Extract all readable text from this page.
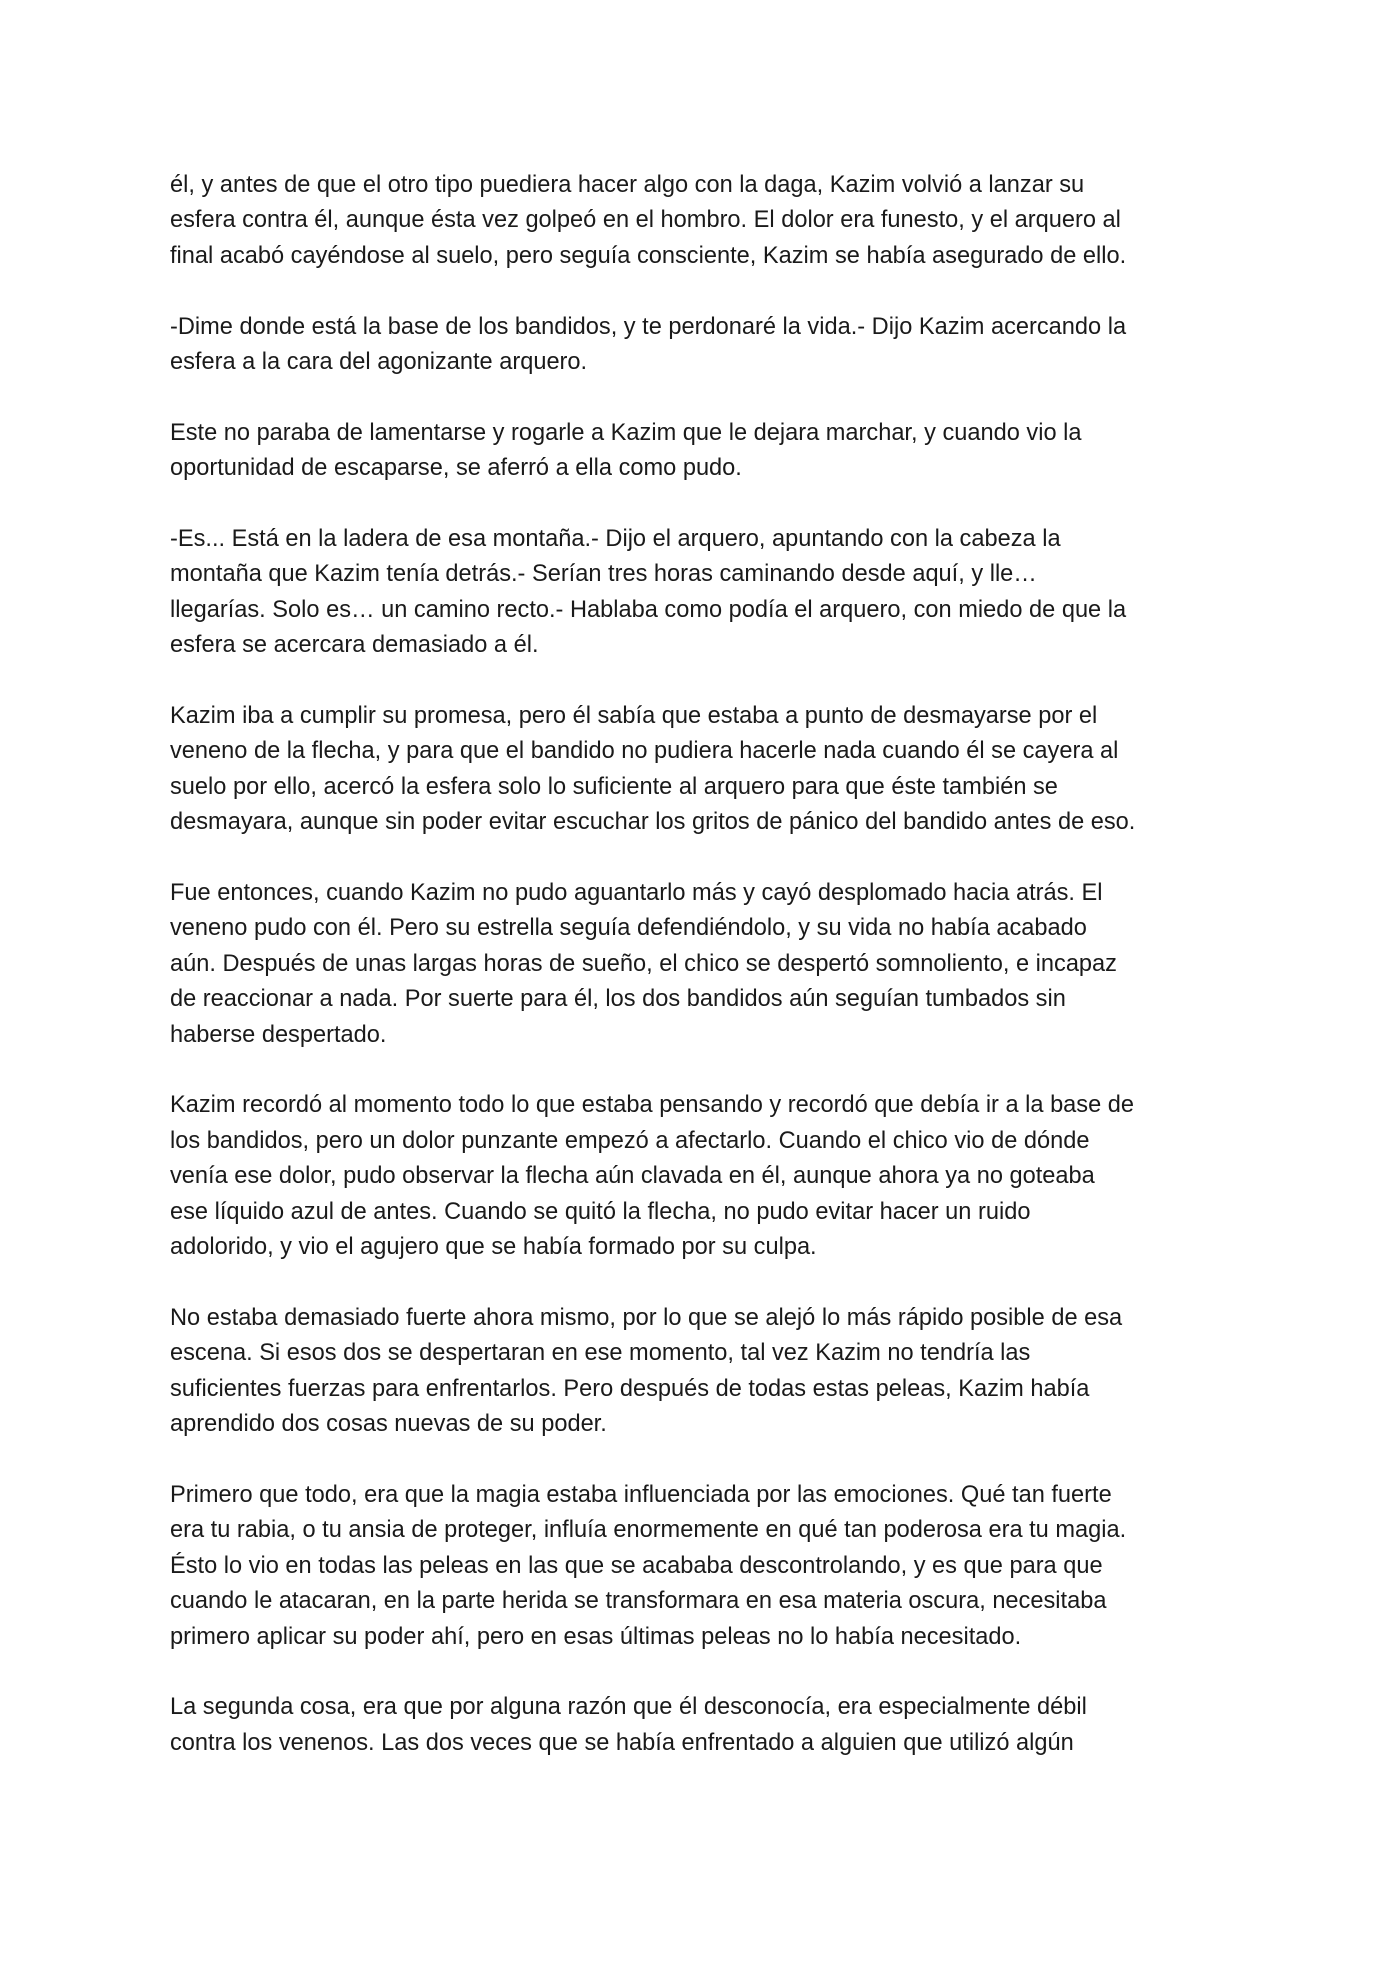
él, y antes de que el otro tipo puediera hacer algo con la daga, Kazim volvió a lanzar su
esfera contra él, aunque ésta vez golpeó en el hombro. El dolor era funesto, y el arquero al
final acabó cayéndose al suelo, pero seguía consciente, Kazim se había asegurado de ello.

-Dime donde está la base de los bandidos, y te perdonaré la vida.- Dijo Kazim acercando la
esfera a la cara del agonizante arquero.

Este no paraba de lamentarse y rogarle a Kazim que le dejara marchar, y cuando vio la
oportunidad de escaparse, se aferró a ella como pudo.

-Es... Está en la ladera de esa montaña.- Dijo el arquero, apuntando con la cabeza la
montaña que Kazim tenía detrás.- Serían tres horas caminando desde aquí, y lle…
llegarías. Solo es… un camino recto.- Hablaba como podía el arquero, con miedo de que la
esfera se acercara demasiado a él.

Kazim iba a cumplir su promesa, pero él sabía que estaba a punto de desmayarse por el
veneno de la flecha, y para que el bandido no pudiera hacerle nada cuando él se cayera al
suelo por ello, acercó la esfera solo lo suficiente al arquero para que éste también se
desmayara, aunque sin poder evitar escuchar los gritos de pánico del bandido antes de eso.

Fue entonces, cuando Kazim no pudo aguantarlo más y cayó desplomado hacia atrás. El
veneno pudo con él. Pero su estrella seguía defendiéndolo, y su vida no había acabado
aún. Después de unas largas horas de sueño, el chico se despertó somnoliento, e incapaz
de reaccionar a nada. Por suerte para él, los dos bandidos aún seguían tumbados sin
haberse despertado.

Kazim recordó al momento todo lo que estaba pensando y recordó que debía ir a la base de
los bandidos, pero un dolor punzante empezó a afectarlo. Cuando el chico vio de dónde
venía ese dolor, pudo observar la flecha aún clavada en él, aunque ahora ya no goteaba
ese líquido azul de antes. Cuando se quitó la flecha, no pudo evitar hacer un ruido
adolorido, y vio el agujero que se había formado por su culpa.

No estaba demasiado fuerte ahora mismo, por lo que se alejó lo más rápido posible de esa
escena. Si esos dos se despertaran en ese momento, tal vez Kazim no tendría las
suficientes fuerzas para enfrentarlos. Pero después de todas estas peleas, Kazim había
aprendido dos cosas nuevas de su poder.

Primero que todo, era que la magia estaba influenciada por las emociones. Qué tan fuerte
era tu rabia, o tu ansia de proteger, influía enormemente en qué tan poderosa era tu magia.
Ésto lo vio en todas las peleas en las que se acababa descontrolando, y es que para que
cuando le atacaran, en la parte herida se transformara en esa materia oscura, necesitaba
primero aplicar su poder ahí, pero en esas últimas peleas no lo había necesitado.

La segunda cosa, era que por alguna razón que él desconocía, era especialmente débil
contra los venenos. Las dos veces que se había enfrentado a alguien que utilizó algún
